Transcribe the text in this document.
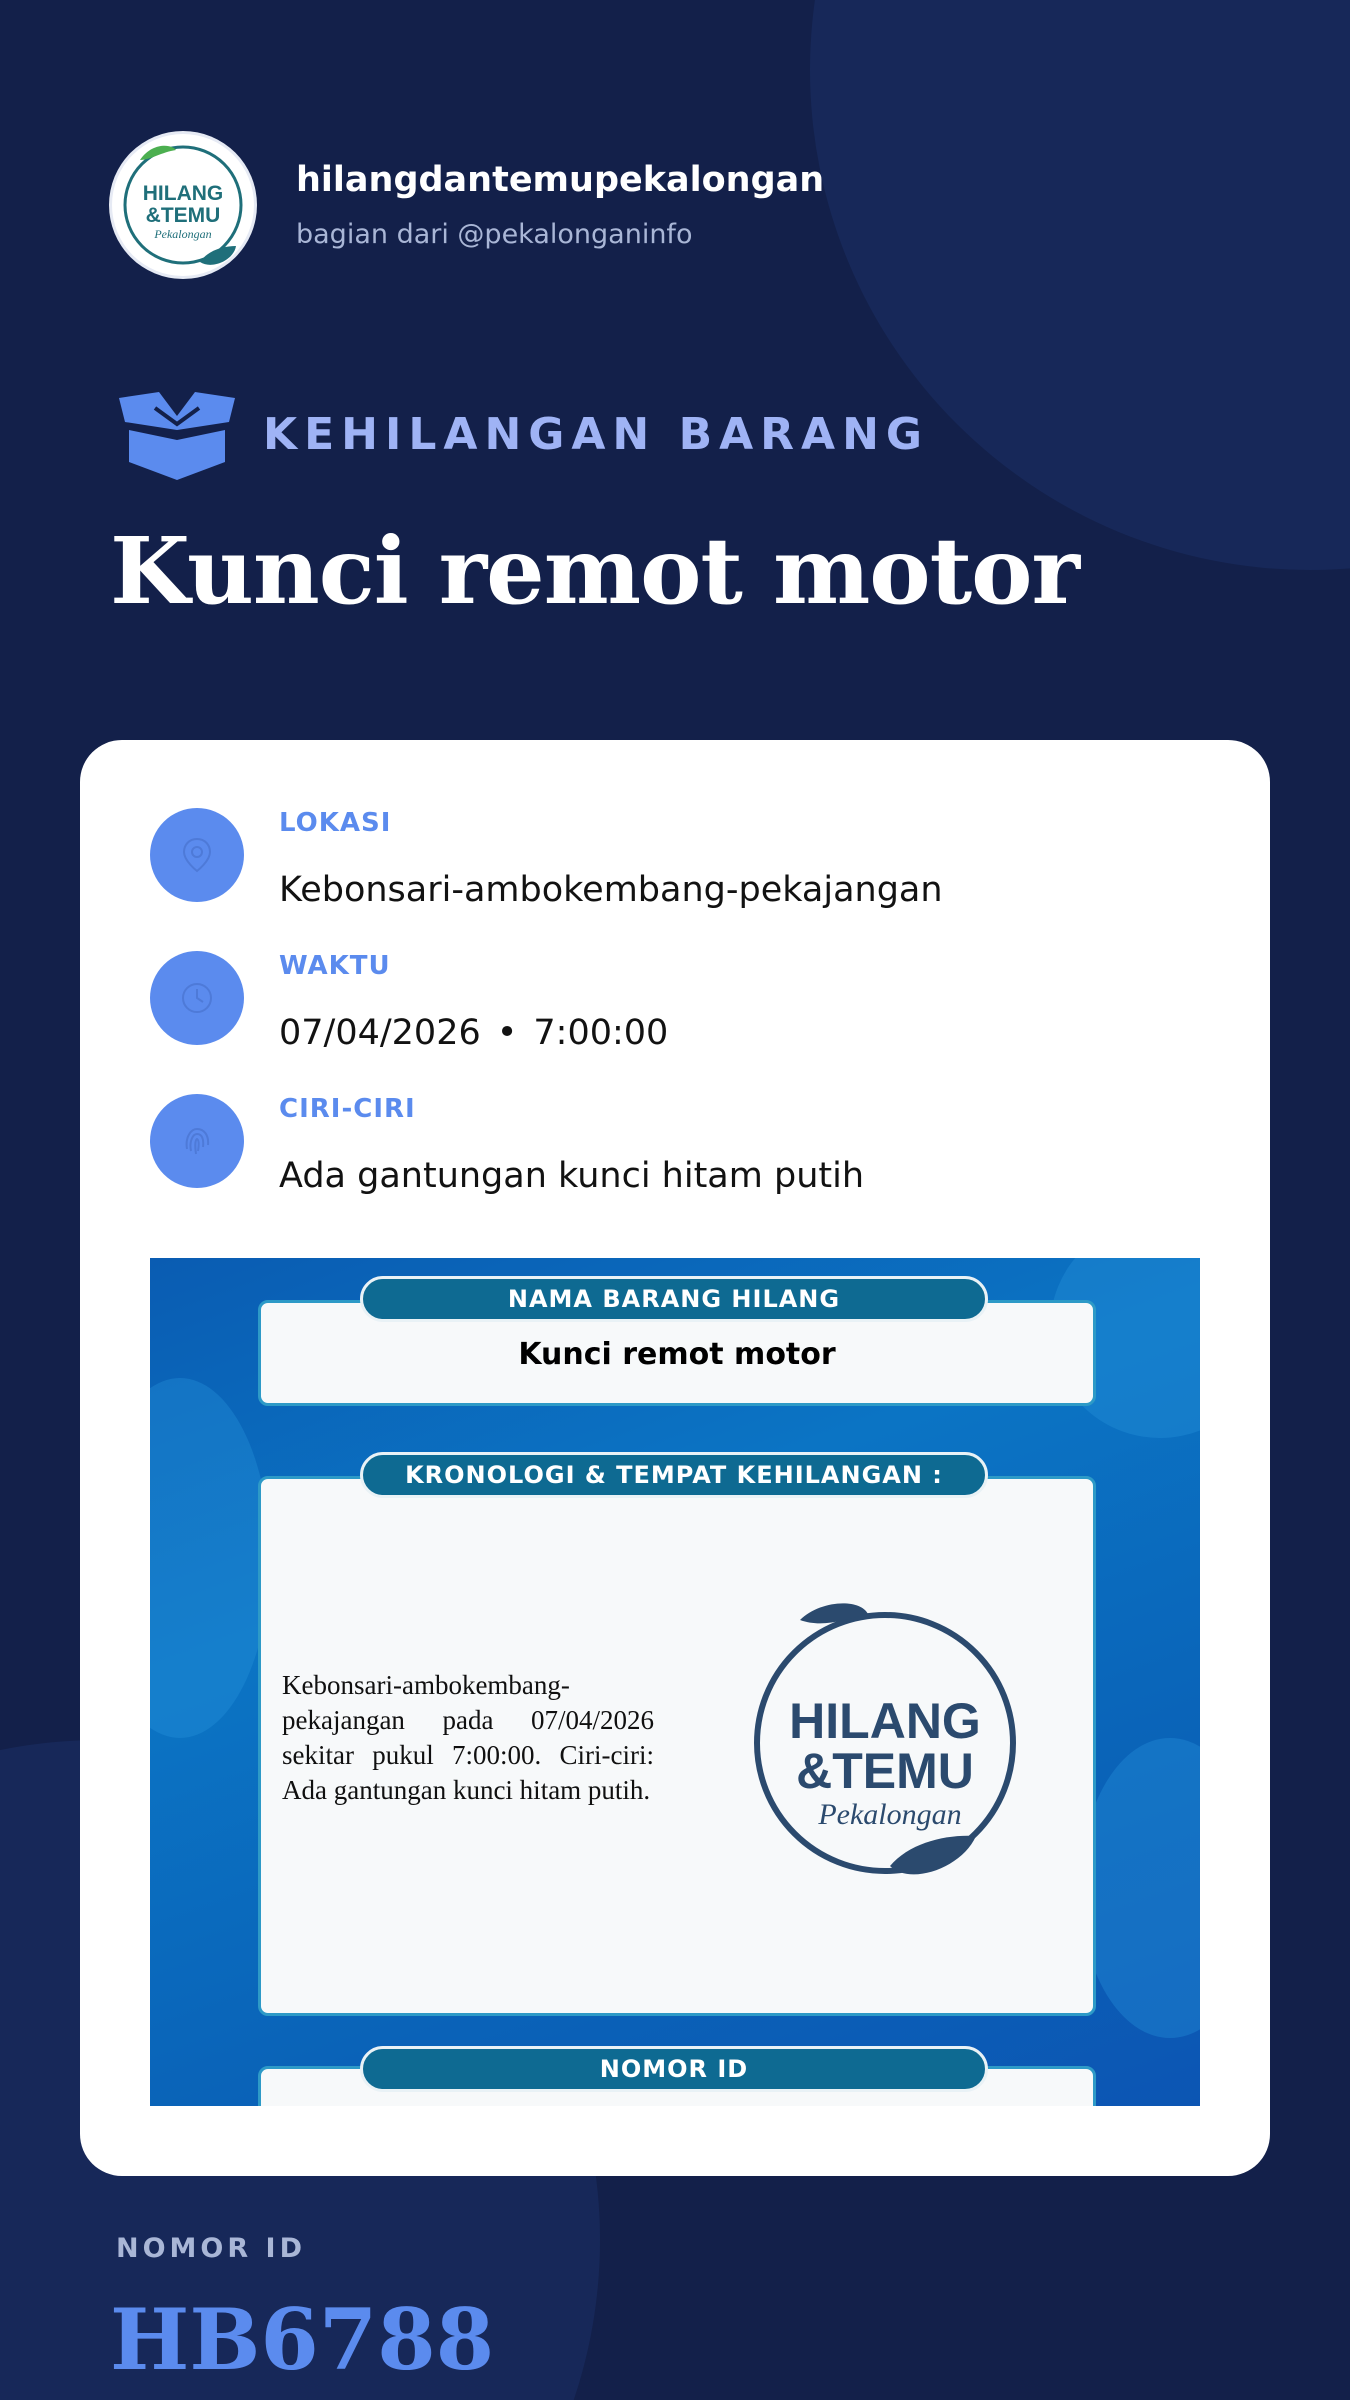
HILANG
&TEMU
Pekalongan
hilangdantemupekalongan
bagian dari @pekalonganinfo
KEHILANGAN BARANG
Kunci remot motor
LOKASI
Kebonsari-ambokembang-pekajangan
WAKTU
07/04/2026 • 7:00:00
CIRI-CIRI
Ada gantungan kunci hitam putih
Kunci remot motor
NAMA BARANG HILANG
KRONOLOGI & TEMPAT KEHILANGAN :
Kebonsari-ambokembang-pekajangan pada 07/04/2026 sekitar pukul 7:00:00. Ciri-ciri: Ada gantungan kunci hitam putih.
HILANG
&TEMU
Pekalongan
NOMOR ID
NOMOR ID
HB6788
